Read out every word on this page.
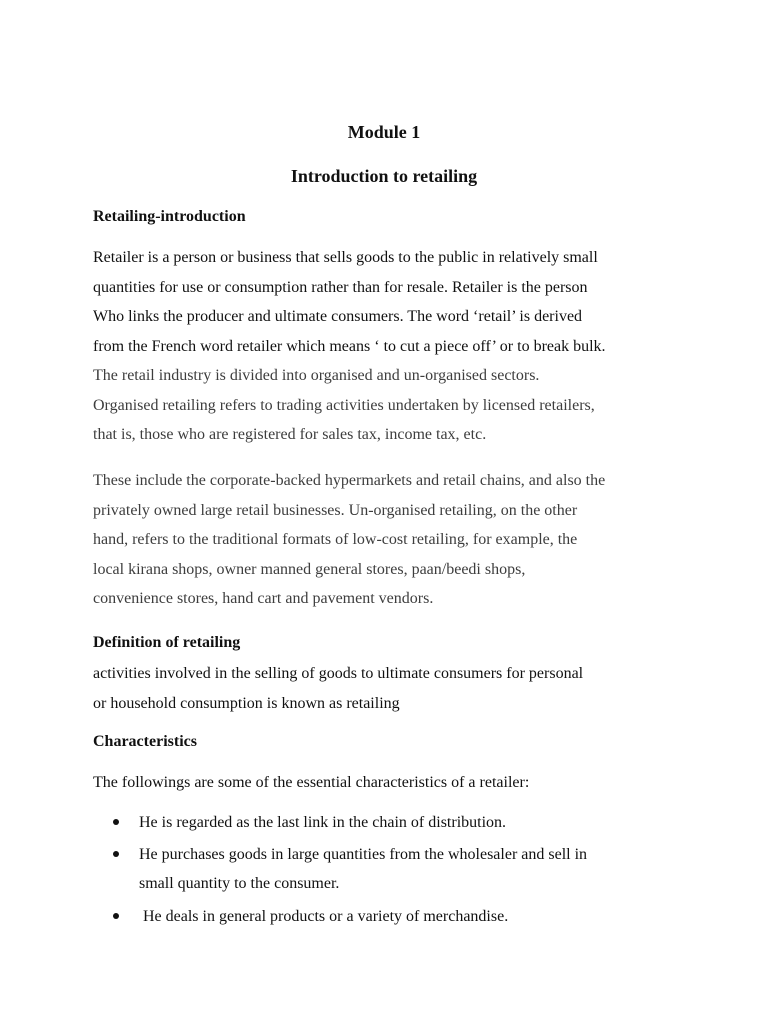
Module 1
Introduction to retailing
Retailing-introduction

Retailer is a person or business that sells goods to the public in relatively small
quantities for use or consumption rather than for resale. Retailer is the person
Who links the producer and ultimate consumers. The word ‘retail’ is derived
from the French word retailer which means ‘ to cut a piece off’ or to break bulk.

The retail industry is divided into organised and un-organised sectors.
Organised retailing refers to trading activities undertaken by licensed retailers,
that is, those who are registered for sales tax, income tax, etc.

These include the corporate-backed hypermarkets and retail chains, and also the
privately owned large retail businesses. Un-organised retailing, on the other
hand, refers to the traditional formats of low-cost retailing, for example, the
local kirana shops, owner manned general stores, paan/beedi shops,
convenience stores, hand cart and pavement vendors.

Definition of retailing

activities involved in the selling of goods to ultimate consumers for personal
or household consumption is known as retailing

Characteristics

The followings are some of the essential characteristics of a retailer:

He is regarded as the last link in the chain of distribution.
He purchases goods in large quantities from the wholesaler and sell in
small quantity to the consumer.
He deals in general products or a variety of merchandise.
